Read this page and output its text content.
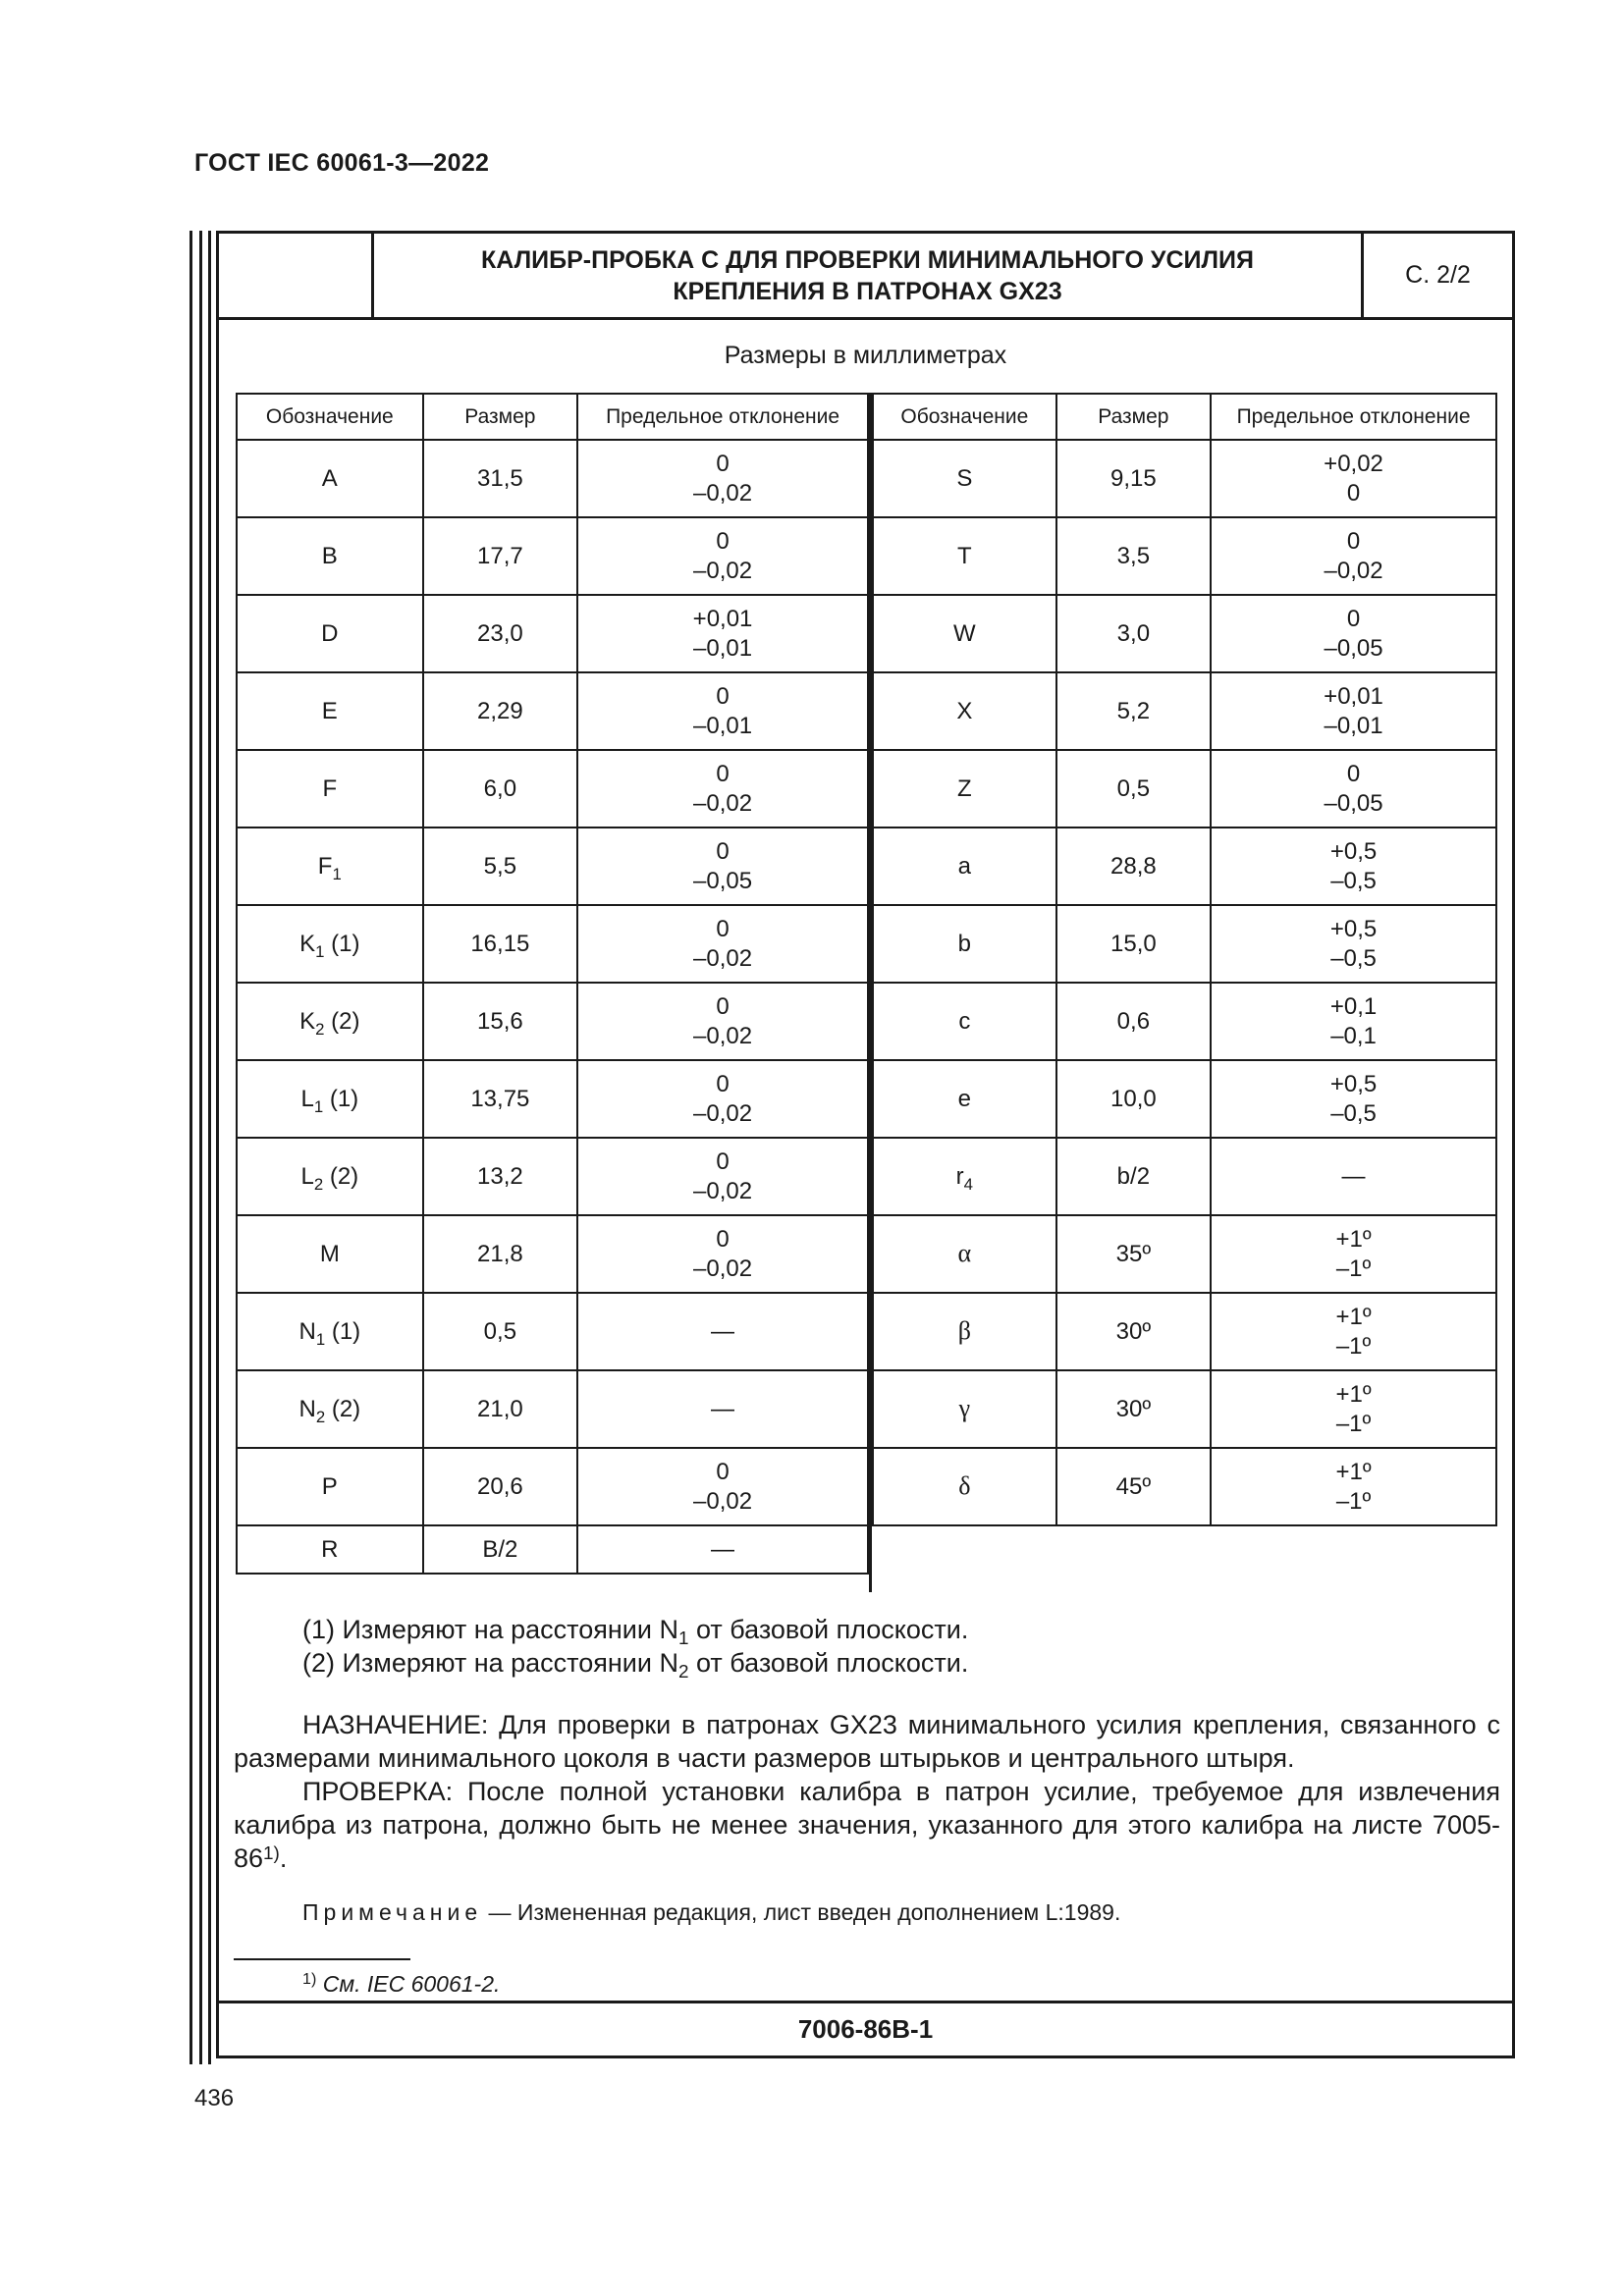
ГОСТ IEC 60061-3—2022
КАЛИБР-ПРОБКА С ДЛЯ ПРОВЕРКИ МИНИМАЛЬНОГО УСИЛИЯ
КРЕПЛЕНИЯ В ПАТРОНАХ GX23
С. 2/2
Размеры в миллиметрах
7006-86B-1
Обозначение	Размер	Предельное отклонение
A	31,5	0
–0,02

B	17,7	0
–0,02

D	23,0	+0,01
–0,01

E	2,29	0
–0,01

F	6,0	0
–0,02

$F_1$	5,5	0
–0,05

$K_1$ (1)	16,15	0
–0,02

$K_2$ (2)	15,6	0
–0,02

$L_1$ (1)	13,75	0
–0,02

$L_2$ (2)	13,2	0
–0,02

M	21,8	0
–0,02

$N_1$ (1)	0,5	—

$N_2$ (2)	21,0	—

P	20,6	0
–0,02

R	B/2	—
Обозначение	Размер	Предельное отклонение
S	9,15	+0,02
0

T	3,5	0
–0,02

W	3,0	0
–0,05

X	5,2	+0,01
–0,01

Z	0,5	0
–0,05

a	28,8	+0,5
–0,5

b	15,0	+0,5
–0,5

c	0,6	+0,1
–0,1

e	10,0	+0,5
–0,5

$r_4$	b/2	—

α	35º	+1º
–1º

β	30º	+1º
–1º

γ	30º	+1º
–1º

δ	45º	+1º
–1º
(1) Измеряют на расстоянии $N_1$ от базовой плоскости.
(2) Измеряют на расстоянии $N_2$ от базовой плоскости.
НАЗНАЧЕНИЕ: Для проверки в патронах GX23 минимального усилия крепления, связанного с размерами минимального цоколя в части размеров штырьков и центрального штыря.
ПРОВЕРКА: После полной установки калибра в патрон усилие, требуемое для извлечения калибра из патрона, должно быть не менее значения, указанного для этого калибра на листе 7005-86$^{1)}$.
Примечание — Измененная редакция, лист введен дополнением L:1989.
$^{1)}$ См. IEC 60061-2.
436
